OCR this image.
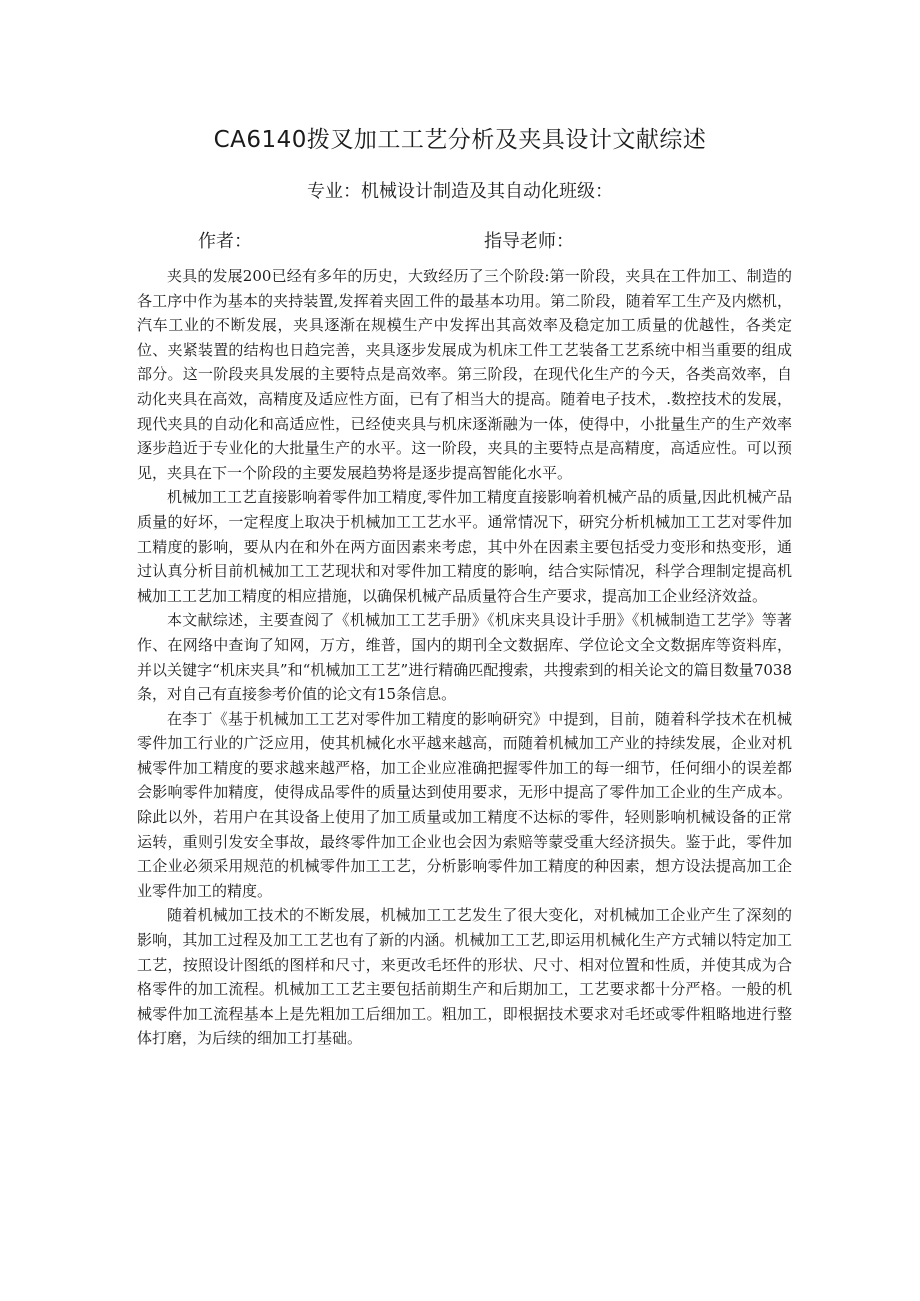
CA6140拨叉加工工艺分析及夹具设计文献综述
专业：机械设计制造及其自动化班级：
作者：	指导老师：

夹具的发展200已经有多年的历史，大致经历了三个阶段:第一阶段，夹具在工件加工、制造的各工序中作为基本的夹持装置,发挥着夹固工件的最基本功用。第二阶段，随着军工生产及内燃机，汽车工业的不断发展，夹具逐渐在规模生产中发挥出其高效率及稳定加工质量的优越性，各类定位、夹紧装置的结构也日趋完善，夹具逐步发展成为机床工件工艺装备工艺系统中相当重要的组成部分。这一阶段夹具发展的主要特点是高效率。第三阶段，在现代化生产的今天，各类高效率，自动化夹具在高效，高精度及适应性方面，已有了相当大的提高。随着电子技术，.数控技术的发展，现代夹具的自动化和高适应性，已经使夹具与机床逐渐融为一体，使得中，小批量生产的生产效率逐步趋近于专业化的大批量生产的水平。这一阶段，夹具的主要特点是高精度，高适应性。可以预见，夹具在下一个阶段的主要发展趋势将是逐步提高智能化水平。

机械加工工艺直接影响着零件加工精度,零件加工精度直接影响着机械产品的质量,因此机械产品质量的好坏，一定程度上取决于机械加工工艺水平。通常情况下，研究分析机械加工工艺对零件加工精度的影响，要从内在和外在两方面因素来考虑，其中外在因素主要包括受力变形和热变形，通过认真分析目前机械加工工艺现状和对零件加工精度的影响，结合实际情况，科学合理制定提高机械加工工艺加工精度的相应措施，以确保机械产品质量符合生产要求，提高加工企业经济效益。

本文献综述，主要查阅了《机械加工工艺手册》《机床夹具设计手册》《机械制造工艺学》等著作、在网络中查询了知网，万方，维普，国内的期刊全文数据库、学位论文全文数据库等资料库，并以关键字“机床夹具”和“机械加工工艺”进行精确匹配搜索，共搜索到的相关论文的篇目数量7038条，对自己有直接参考价值的论文有15条信息。

在李丁《基于机械加工工艺对零件加工精度的影响研究》中提到，目前，随着科学技术在机械零件加工行业的广泛应用，使其机械化水平越来越高，而随着机械加工产业的持续发展，企业对机械零件加工精度的要求越来越严格，加工企业应准确把握零件加工的每一细节，任何细小的误差都会影响零件加精度，使得成品零件的质量达到使用要求，无形中提高了零件加工企业的生产成本。除此以外，若用户在其设备上使用了加工质量或加工精度不达标的零件，轻则影响机械设备的正常运转，重则引发安全事故，最终零件加工企业也会因为索赔等蒙受重大经济损失。鉴于此，零件加工企业必须采用规范的机械零件加工工艺，分析影响零件加工精度的种因素，想方设法提高加工企业零件加工的精度。

随着机械加工技术的不断发展，机械加工工艺发生了很大变化，对机械加工企业产生了深刻的影响，其加工过程及加工工艺也有了新的内涵。机械加工工艺,即运用机械化生产方式辅以特定加工工艺，按照设计图纸的图样和尺寸，来更改毛坯件的形状、尺寸、相对位置和性质，并使其成为合格零件的加工流程。机械加工工艺主要包括前期生产和后期加工，工艺要求都十分严格。一般的机械零件加工流程基本上是先粗加工后细加工。粗加工，即根据技术要求对毛坯或零件粗略地进行整体打磨，为后续的细加工打基础。
